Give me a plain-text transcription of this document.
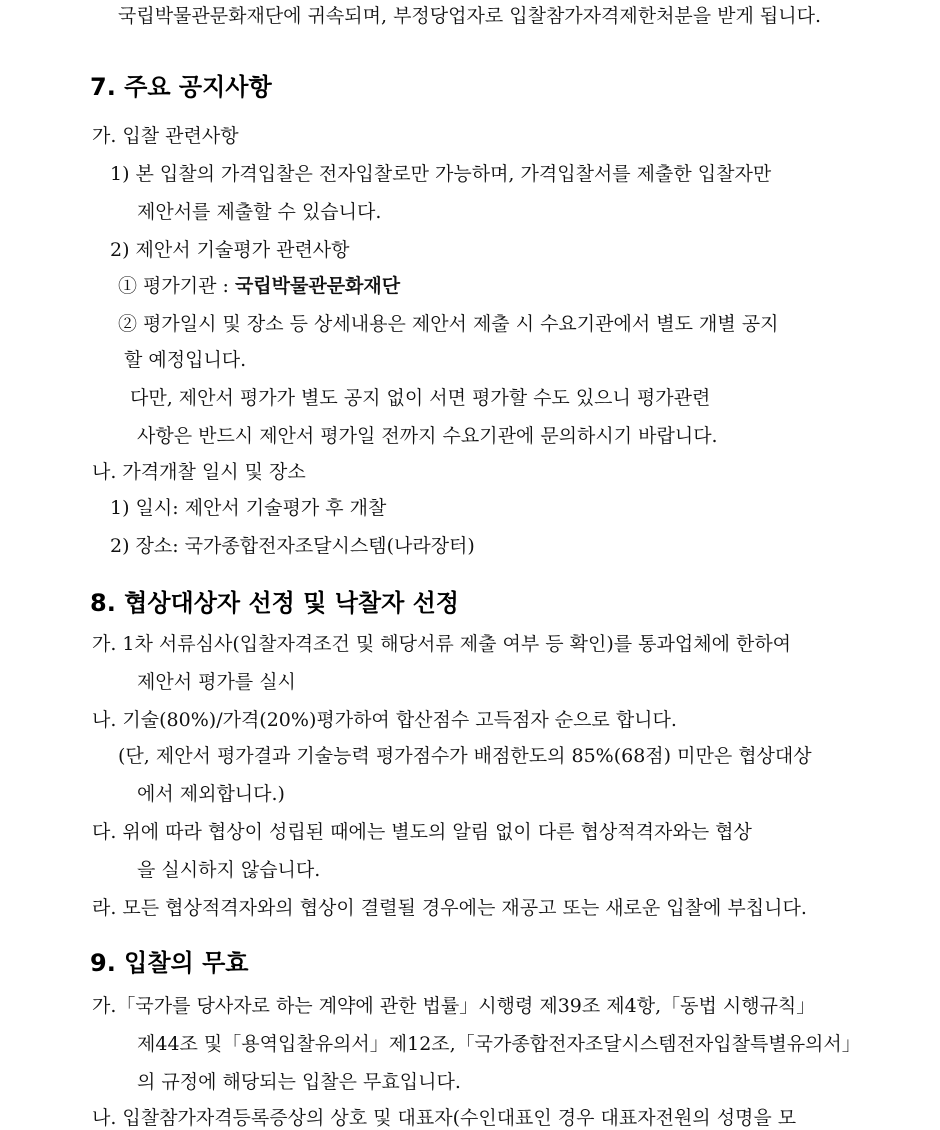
국립박물관문화재단에 귀속되며, 부정당업자로 입찰참가자격제한처분을 받게 됩니다.
7. 주요 공지사항
가. 입찰 관련사항
1) 본 입찰의 가격입찰은 전자입찰로만 가능하며, 가격입찰서를 제출한 입찰자만
제안서를 제출할 수 있습니다.
2) 제안서 기술평가 관련사항
① 평가기관 : 국립박물관문화재단
② 평가일시 및 장소 등 상세내용은 제안서 제출 시 수요기관에서 별도 개별 공지
할 예정입니다.
다만, 제안서 평가가 별도 공지 없이 서면 평가할 수도 있으니 평가관련
사항은 반드시 제안서 평가일 전까지 수요기관에 문의하시기 바랍니다.
나. 가격개찰 일시 및 장소
1) 일시: 제안서 기술평가 후 개찰
2) 장소: 국가종합전자조달시스템(나라장터)
8. 협상대상자 선정 및 낙찰자 선정
가. 1차 서류심사(입찰자격조건 및 해당서류 제출 여부 등 확인)를 통과업체에 한하여
제안서 평가를 실시
나. 기술(80%)/가격(20%)평가하여 합산점수 고득점자 순으로 합니다.
(단, 제안서 평가결과 기술능력 평가점수가 배점한도의 85%(68점) 미만은 협상대상
에서 제외합니다.)
다. 위에 따라 협상이 성립된 때에는 별도의 알림 없이 다른 협상적격자와는 협상
을 실시하지 않습니다.
라. 모든 협상적격자와의 협상이 결렬될 경우에는 재공고 또는 새로운 입찰에 부칩니다.
9. 입찰의 무효
가.「국가를 당사자로 하는 계약에 관한 법률」시행령 제39조 제4항,「동법 시행규칙」
제44조 및「용역입찰유의서」제12조,「국가종합전자조달시스템전자입찰특별유의서」
의 규정에 해당되는 입찰은 무효입니다.
나. 입찰참가자격등록증상의 상호 및 대표자(수인대표인 경우 대표자전원의 성명을 모
